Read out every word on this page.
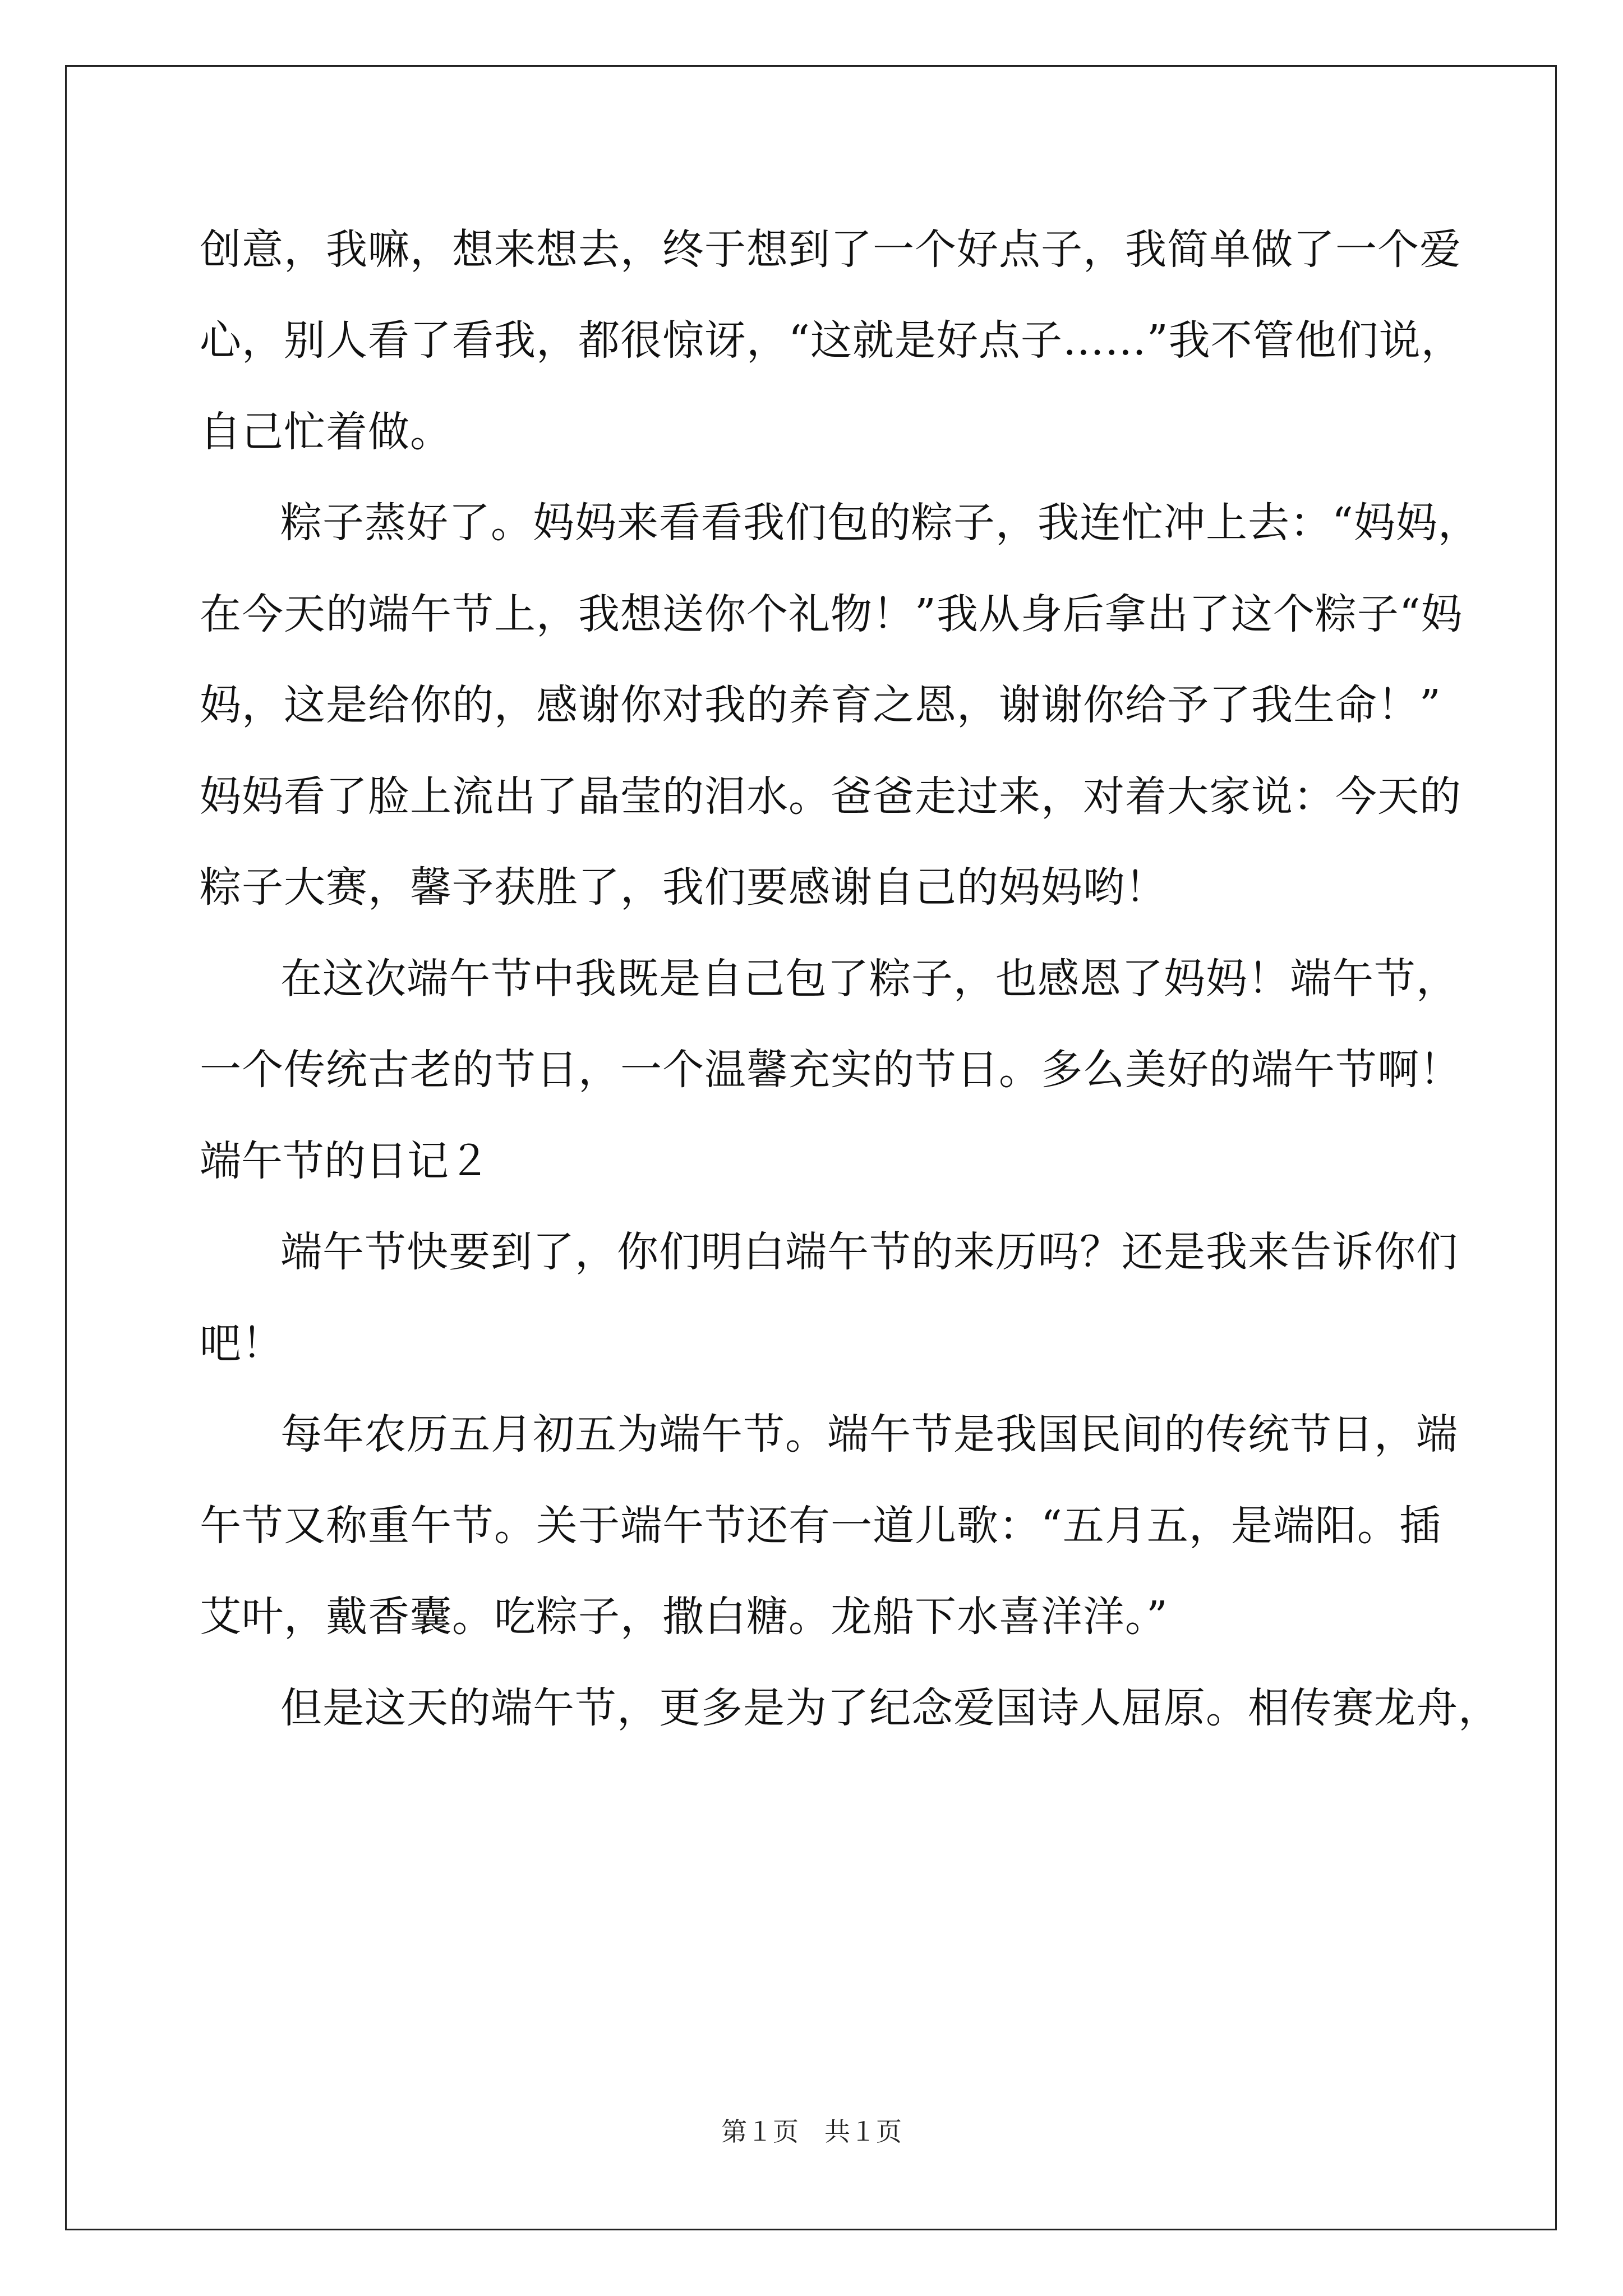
创意，我嘛，想来想去，终于想到了一个好点子，我简单做了一个爱
心，别人看了看我，都很惊讶，“这就是好点子……”我不管他们说，
自己忙着做。
粽子蒸好了。妈妈来看看我们包的粽子，我连忙冲上去：“妈妈，
在今天的端午节上，我想送你个礼物！”我从身后拿出了这个粽子“妈
妈，这是给你的，感谢你对我的养育之恩，谢谢你给予了我生命！”
妈妈看了脸上流出了晶莹的泪水。爸爸走过来，对着大家说：今天的
粽子大赛，馨予获胜了，我们要感谢自己的妈妈哟！
在这次端午节中我既是自己包了粽子，也感恩了妈妈！端午节，
一个传统古老的节日，一个温馨充实的节日。多么美好的端午节啊！
端午节的日记２
端午节快要到了，你们明白端午节的来历吗？还是我来告诉你们
吧！
每年农历五月初五为端午节。端午节是我国民间的传统节日，端
午节又称重午节。关于端午节还有一道儿歌：“五月五，是端阳。插
艾叶，戴香囊。吃粽子，撒白糖。龙船下水喜洋洋。”
但是这天的端午节，更多是为了纪念爱国诗人屈原。相传赛龙舟，
第１页　共１页
